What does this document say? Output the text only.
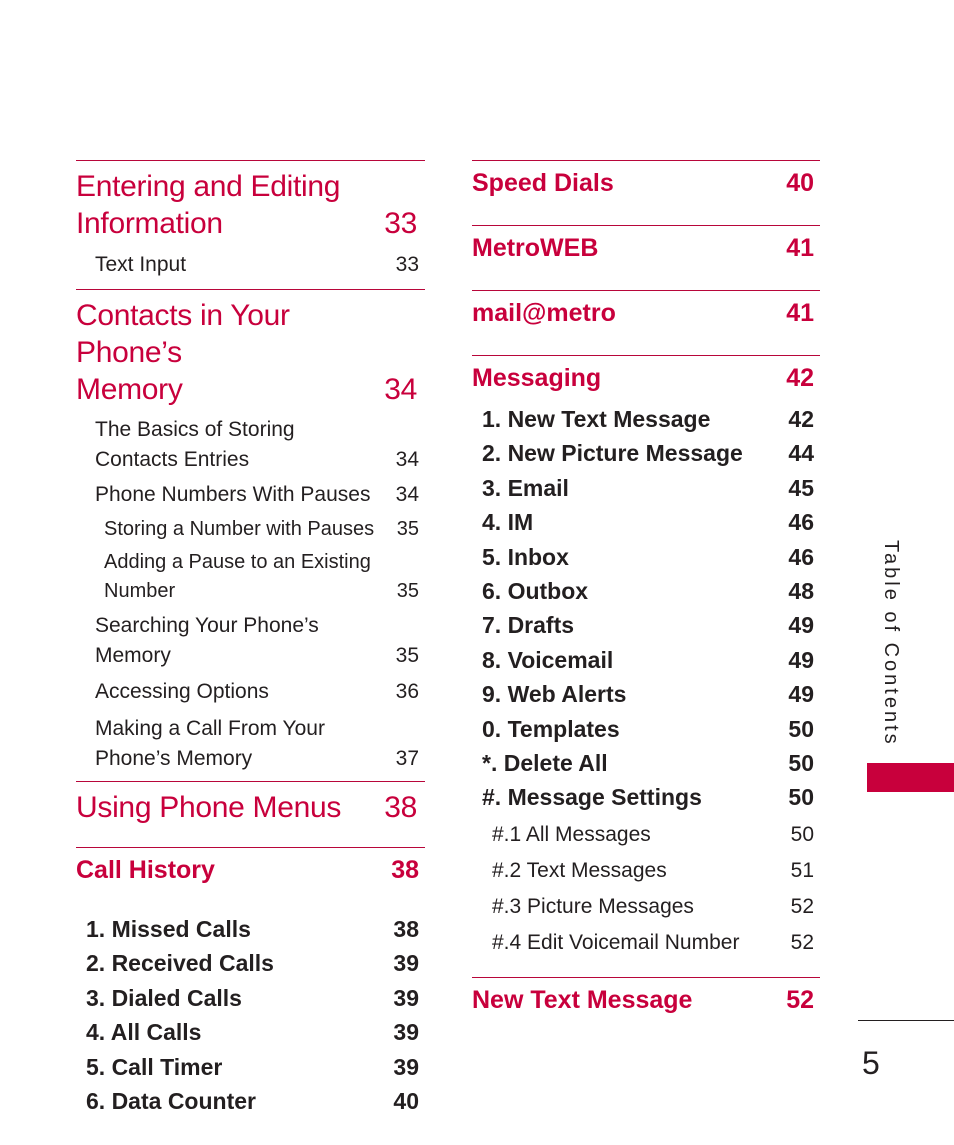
Entering and Editing
Information	33
Text Input	33
Contacts in Your Phone’s
Memory	34
The Basics of Storing Contacts Entries	34
Phone Numbers With Pauses	34
Storing a Number with Pauses	35
Adding a Pause to an Existing Number	35
Searching Your Phone’s Memory	35
Accessing Options	36
Making a Call From Your Phone’s Memory	37
Using Phone Menus	38
Call History	38
1. Missed Calls	38
2. Received Calls	39
3. Dialed Calls	39
4. All Calls	39
5. Call Timer	39
6. Data Counter	40
Speed Dials	40
MetroWEB	41
mail@metro	41
Messaging	42
1. New Text Message	42
2. New Picture Message 44
3. Email	45
4. IM	46
5. Inbox	46
6. Outbox	48
7. Drafts	49
8. Voicemail	49
9. Web Alerts	49
0. Templates	50
*. Delete All	50
#. Message Settings	50
#.1 All Messages	50
#.2 Text Messages	51
#.3 Picture Messages	52
#.4 Edit Voicemail Number	52
New Text Message	52
Table of Contents
5
